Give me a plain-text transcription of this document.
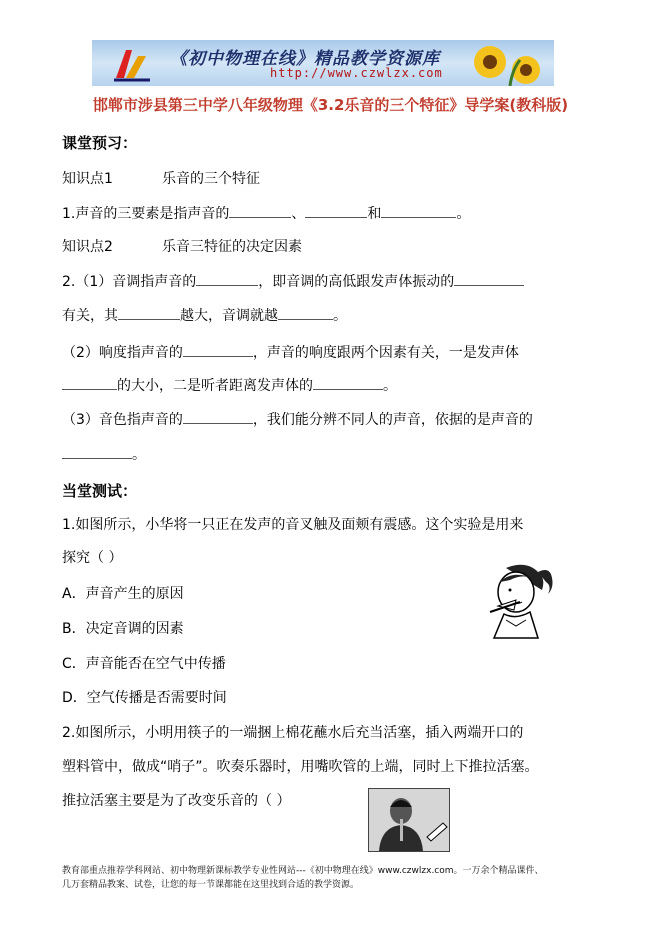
《初中物理在线》精品教学资源库
http://www.czwlzx.com
邯郸市涉县第三中学八年级物理《3.2乐音的三个特征》导学案(教科版)
课堂预习：
知识点1	乐音的三个特征
1.声音的三要素是指声音的	、	和	。
知识点2	乐音三特征的决定因素
2.（1）音调指声音的	，即音调的高低跟发声体振动的
有关，其	越大，音调就越	。
（2）响度指声音的	，声音的响度跟两个因素有关，一是发声体
的大小，二是听者距离发声体的	。
（3）音色指声音的	，我们能分辨不同人的声音，依据的是声音的
。
当堂测试：
1.如图所示，小华将一只正在发声的音叉触及面颊有震感。这个实验是用来
探究（ ）
A．声音产生的原因
B．决定音调的因素
C．声音能否在空气中传播
D．空气传播是否需要时间
2.如图所示，小明用筷子的一端捆上棉花蘸水后充当活塞，插入两端开口的
塑料管中，做成“哨子”。吹奏乐器时，用嘴吹管的上端，同时上下推拉活塞。
推拉活塞主要是为了改变乐音的（ ）
教育部重点推荐学科网站、初中物理新课标教学专业性网站---《初中物理在线》www.czwlzx.com。一万余个精品课件、
几万套精品教案、试卷，让您的每一节课都能在这里找到合适的教学资源。
